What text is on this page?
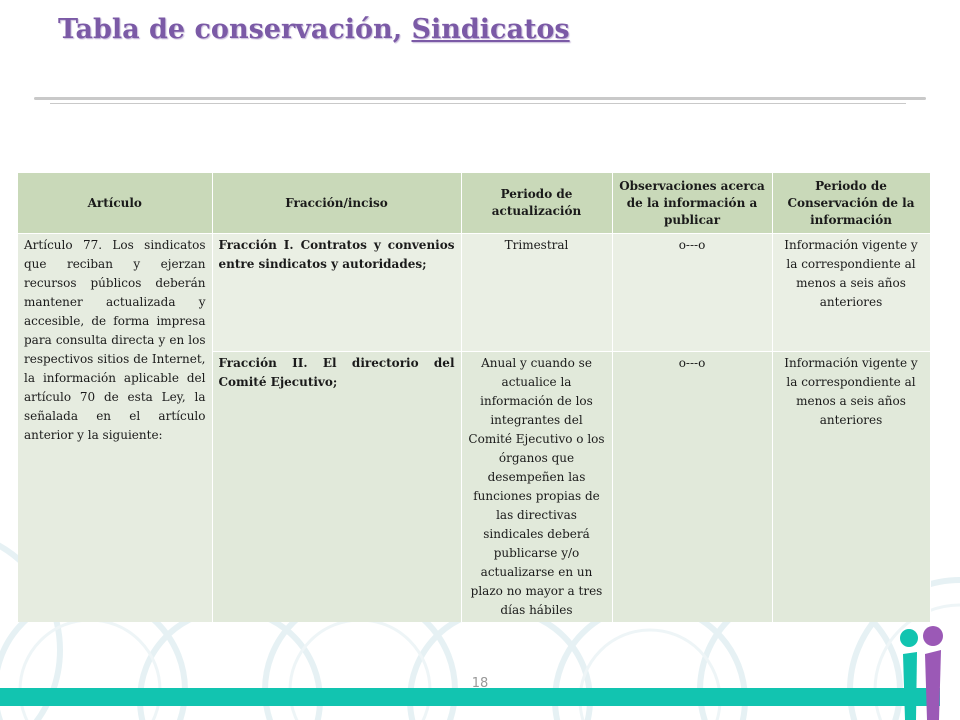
Tabla de conservación, Sindicatos
Artículo	Fracción/inciso	Periodo de actualización	Observaciones acerca de la información a publicar	Periodo de Conservación de la información
Artículo 77. Los sindicatos que reciban y ejerzan recursos públicos deberán mantener actualizada y accesible, de forma impresa para consulta directa y en los respectivos sitios de Internet, la información aplicable del artículo 70 de esta Ley, la señalada en el artículo anterior y la siguiente:	Fracción I. Contratos y convenios entre sindicatos y autoridades;	Trimestral	o---o	Información vigente y la correspondiente al menos a seis años anteriores
	Fracción II. El directorio del Comité Ejecutivo;	Anual y cuando se actualice la información de los integrantes del Comité Ejecutivo o los órganos que desempeñen las funciones propias de las directivas sindicales deberá publicarse y/o actualizarse en un plazo no mayor a tres días hábiles	o---o	Información vigente y la correspondiente al menos a seis años anteriores
18
